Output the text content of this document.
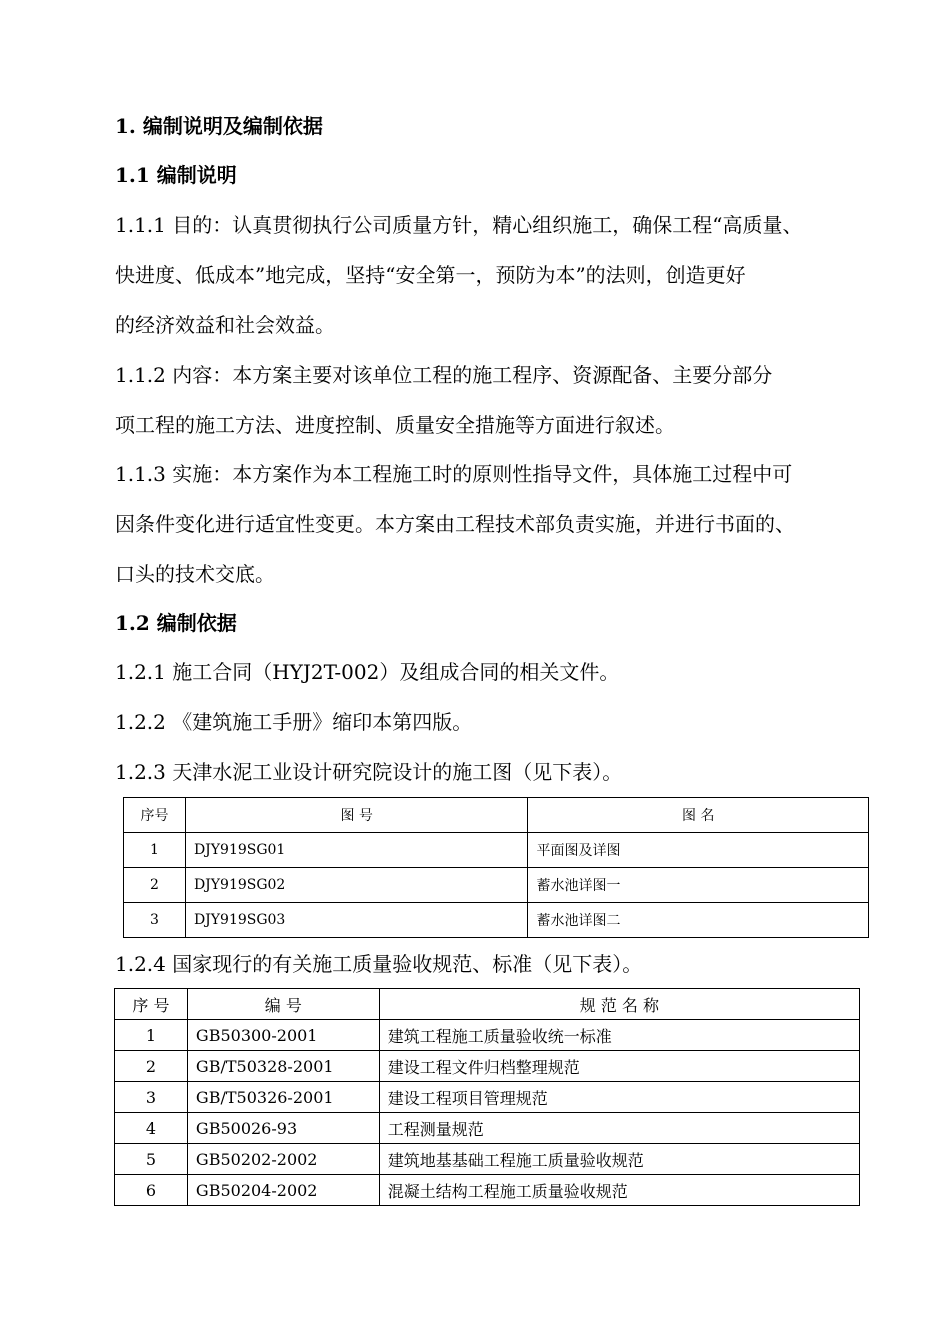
1. 编制说明及编制依据
1.1 编制说明
1.1.1 目的：认真贯彻执行公司质量方针，精心组织施工，确保工程“高质量、
快进度、低成本”地完成，坚持“安全第一，预防为本”的法则，创造更好
的经济效益和社会效益。
1.1.2 内容：本方案主要对该单位工程的施工程序、资源配备、主要分部分
项工程的施工方法、进度控制、质量安全措施等方面进行叙述。
1.1.3 实施：本方案作为本工程施工时的原则性指导文件，具体施工过程中可
因条件变化进行适宜性变更。本方案由工程技术部负责实施，并进行书面的、
口头的技术交底。
1.2 编制依据
1.2.1 施工合同（HYJ2T-002）及组成合同的相关文件。
1.2.2 《建筑施工手册》缩印本第四版。
1.2.3 天津水泥工业设计研究院设计的施工图（见下表）。
序号	图 号	图 名
1	DJY919SG01	平面图及详图
2	DJY919SG02	蓄水池详图一
3	DJY919SG03	蓄水池详图二
1.2.4 国家现行的有关施工质量验收规范、标准（见下表）。
序 号	编 号	规 范 名 称
1	GB50300-2001	建筑工程施工质量验收统一标准
2	GB/T50328-2001	建设工程文件归档整理规范
3	GB/T50326-2001	建设工程项目管理规范
4	GB50026-93	工程测量规范
5	GB50202-2002	建筑地基基础工程施工质量验收规范
6	GB50204-2002	混凝土结构工程施工质量验收规范
